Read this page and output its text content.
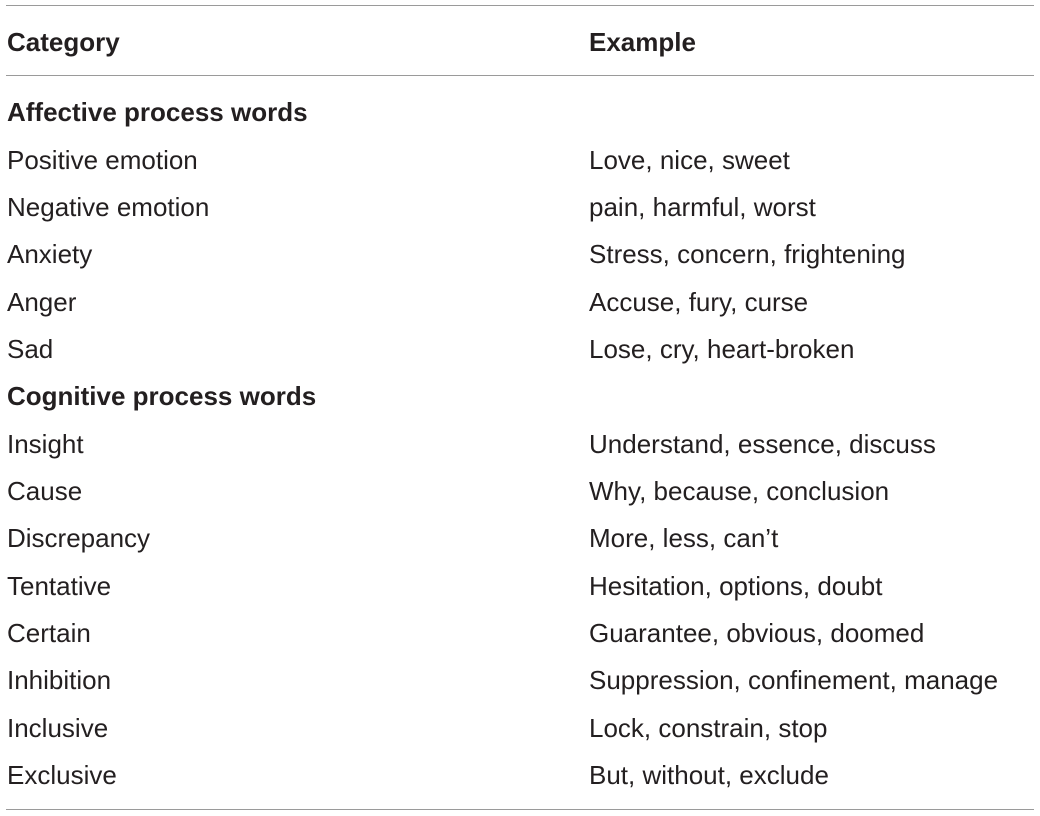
Category	Example
Affective process words
Positive emotion	Love, nice, sweet
Negative emotion	pain, harmful, worst
Anxiety	Stress, concern, frightening
Anger	Accuse, fury, curse
Sad	Lose, cry, heart-broken
Cognitive process words
Insight	Understand, essence, discuss
Cause	Why, because, conclusion
Discrepancy	More, less, can’t
Tentative	Hesitation, options, doubt
Certain	Guarantee, obvious, doomed
Inhibition	Suppression, confinement, manage
Inclusive	Lock, constrain, stop
Exclusive	But, without, exclude
